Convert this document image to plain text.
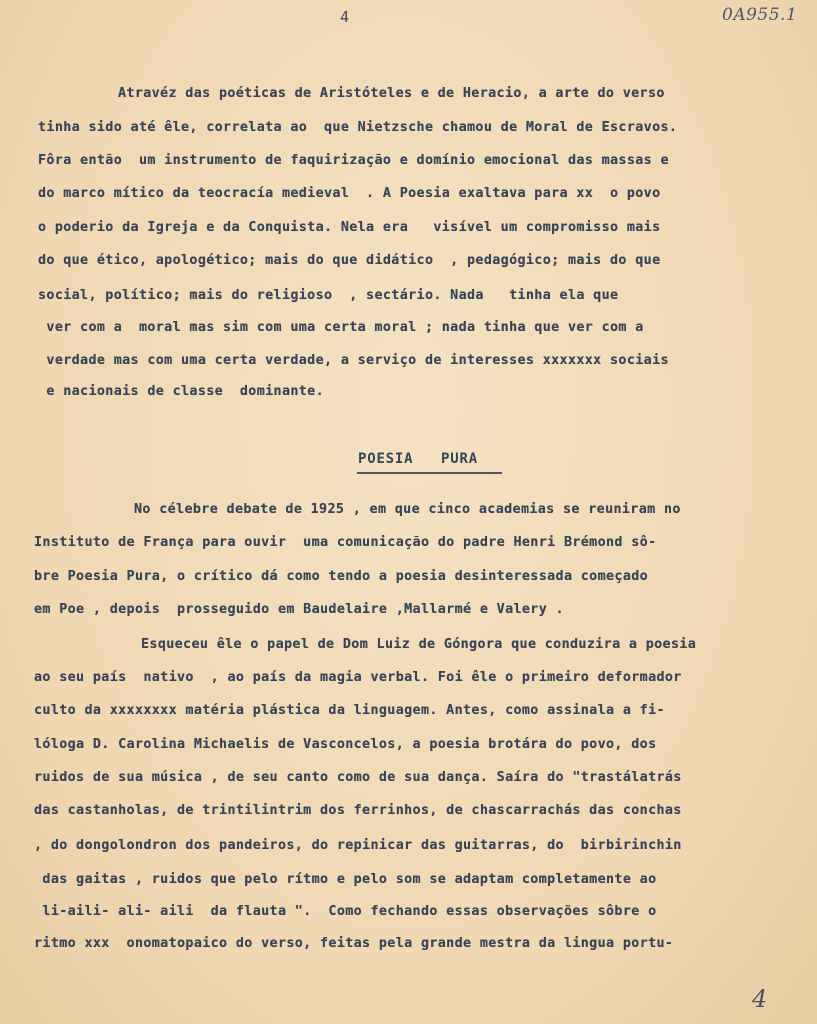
4	0A955.1
Atravéz das poéticas de Aristóteles e de Heracio, a arte do verso
tinha sido até êle, correlata ao  que Nietzsche chamou de Moral de Escravos.
Fôra então  um instrumento de faquirização e domínio emocional das massas e
do marco mítico da teocracía medieval  . A Poesia exaltava para xx  o povo
o poderio da Igreja e da Conquista. Nela era   visível um compromisso mais
do que ético, apologético; mais do que didático  , pedagógico; mais do que
social, político; mais do religioso  , sectário. Nada   tinha ela que
ver com a  moral mas sim com uma certa moral ; nada tinha que ver com a
verdade mas com uma certa verdade, a serviço de interesses xxxxxxx sociais
e nacionais de classe  dominante.
POESIA   PURA
No célebre debate de 1925 , em que cinco academias se reuniram no
Instituto de França para ouvir  uma comunicação do padre Henri Brémond sô-
bre Poesia Pura, o crítico dá como tendo a poesia desinteressada começado
em Poe , depois  prosseguido em Baudelaire ,Mallarmé e Valery .
Esqueceu êle o papel de Dom Luiz de Góngora que conduzira a poesia
ao seu país  nativo  , ao país da magia verbal. Foi êle o primeiro deformador
culto da xxxxxxxx matéria plástica da linguagem. Antes, como assinala a fi-
lóloga D. Carolina Michaelis de Vasconcelos, a poesia brotára do povo, dos
ruidos de sua música , de seu canto como de sua dança. Saíra do "trastálatrás
das castanholas, de trintilintrim dos ferrinhos, de chascarrachás das conchas
, do dongolondron dos pandeiros, do repinicar das guitarras, do  birbirinchin
das gaitas , ruidos que pelo rítmo e pelo som se adaptam completamente ao
li-aili- ali- aili  da flauta ".  Como fechando essas observações sôbre o
ritmo xxx  onomatopaico do verso, feitas pela grande mestra da lingua portu-
4
